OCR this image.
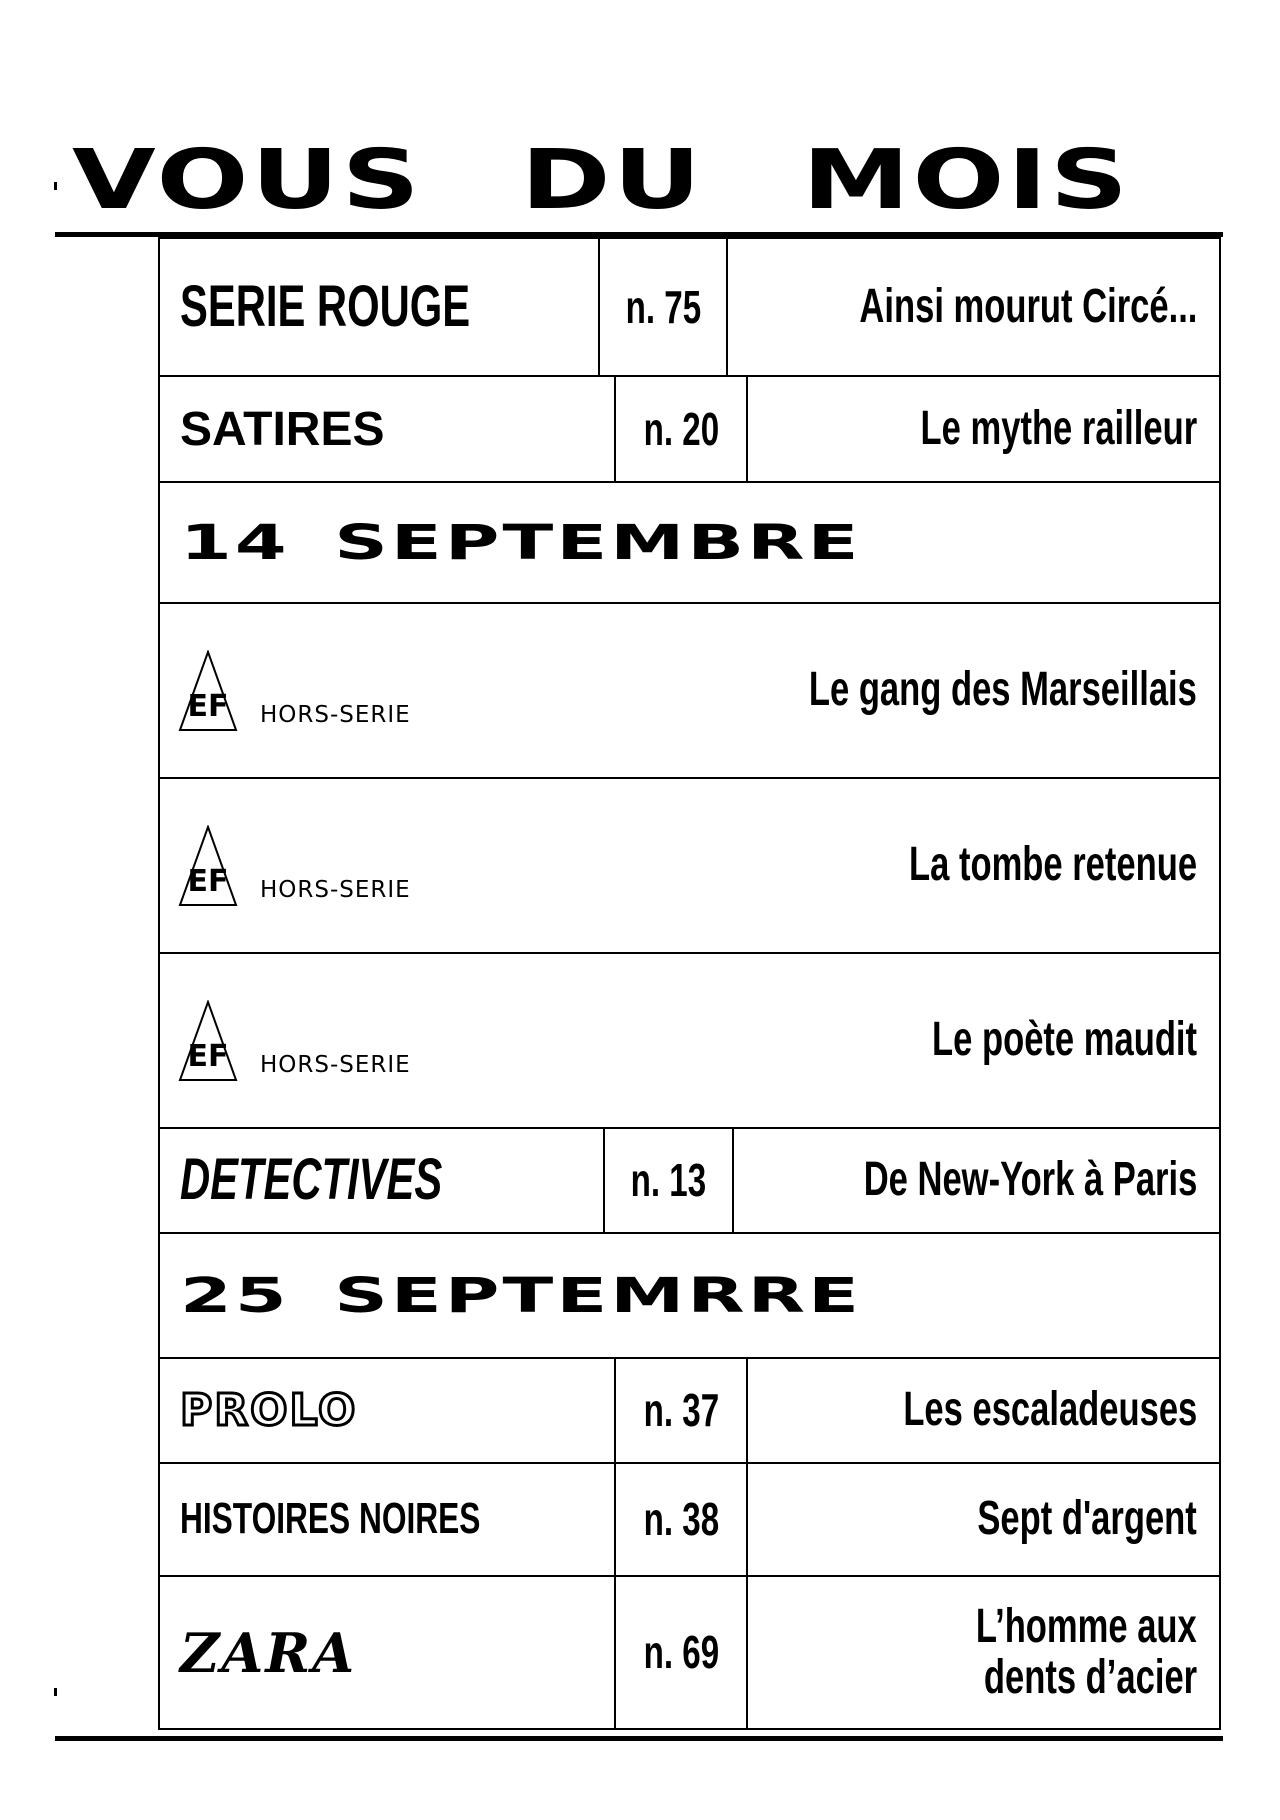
VOUS DU MOIS
SERIE ROUGE	n. 75	Ainsi mourut Circé...
SATIRES	n. 20	Le mythe railleur
14 SEPTEMBRE
EF HORS-SERIE	Le gang des Marseillais
EF HORS-SERIE	La tombe retenue
EF HORS-SERIE	Le poète maudit
DETECTIVES	n. 13	De New-York à Paris
25 SEPTEMRRE
PROLO	n. 37	Les escaladeuses
HISTOIRES NOIRES	n. 38	Sept d'argent
ZARA	n. 69	L’homme aux
dents d’acier
